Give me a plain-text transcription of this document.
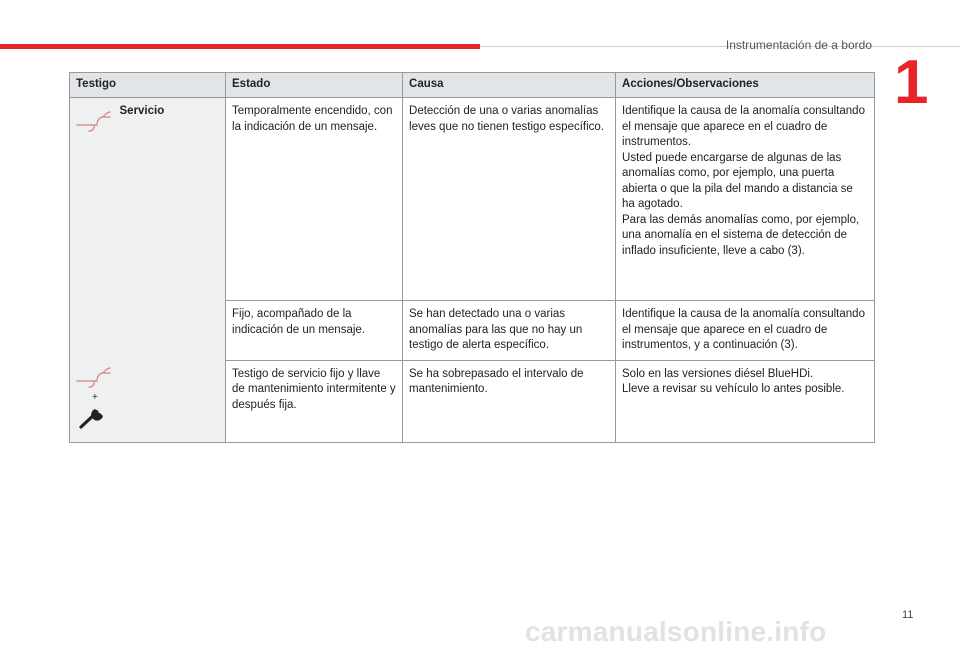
Instrumentación de a bordo
1
Testigo		Estado	Causa	Acciones/Observaciones
	Servicio	Temporalmente encendido, con la indicación de un mensaje.	Detección de una o varias anomalías leves que no tienen testigo específico.	Identifique la causa de la anomalía consultando el mensaje que aparece en el cuadro de instrumentos.
Usted puede encargarse de algunas de las anomalías como, por ejemplo, una puerta abierta o que la pila del mando a distancia se ha agotado.
Para las demás anomalías como, por ejemplo, una anomalía en el sistema de detección de inflado insuficiente, lleve a cabo (3).

		Fijo, acompañado de la indicación de un mensaje.	Se han detectado una o varias anomalías para las que no hay un testigo de alerta específico.	Identifique la causa de la anomalía consultando el mensaje que aparece en el cuadro de instrumentos, y a continuación (3).

+		Testigo de servicio fijo y llave de mantenimiento intermitente y después fija.	Se ha sobrepasado el intervalo de mantenimiento.	Solo en las versiones diésel BlueHDi.
Lleve a revisar su vehículo lo antes posible.
11
carmanualsonline.info
